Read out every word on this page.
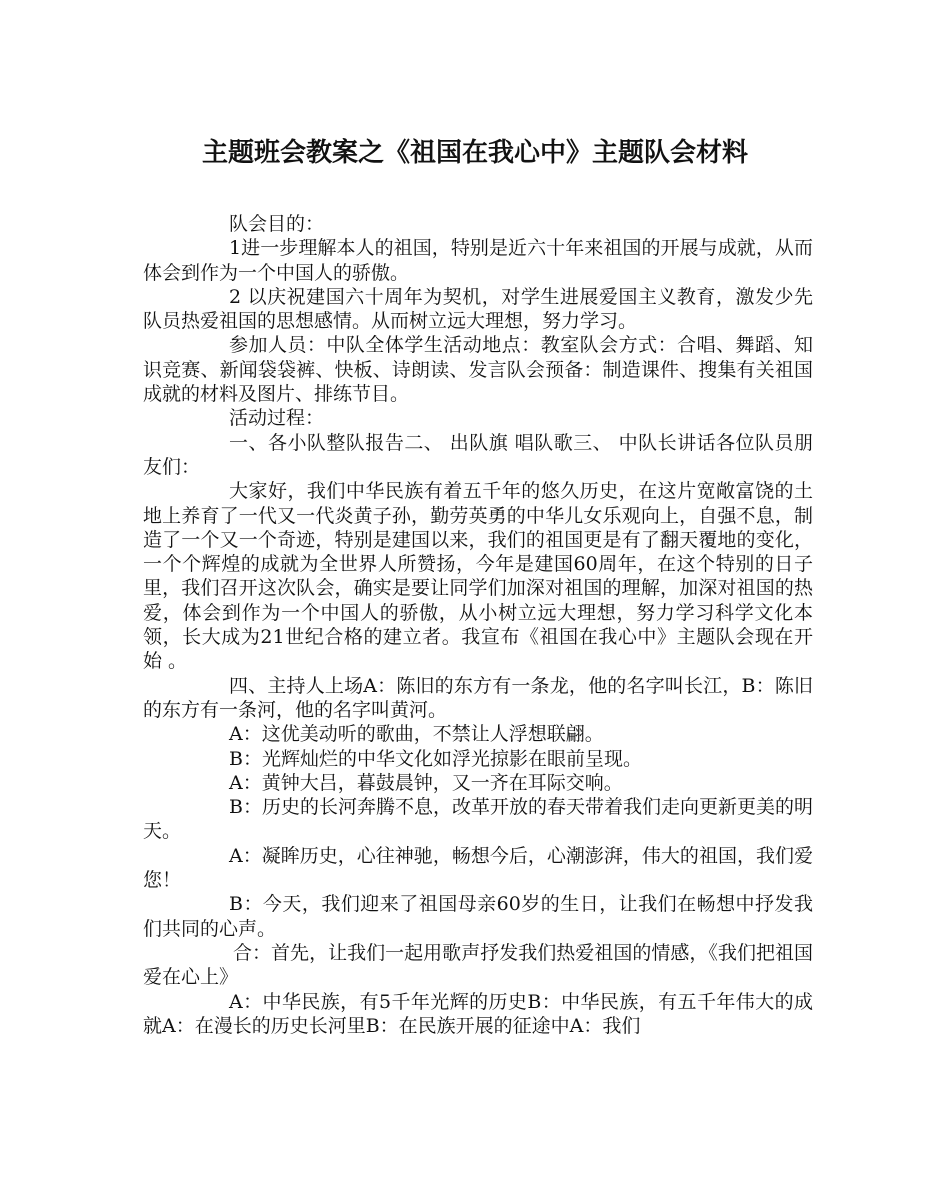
主题班会教案之《祖国在我心中》主题队会材料

队会目的：

1进一步理解本人的祖国，特别是近六十年来祖国的开展与成就，从而体会到作为一个中国人的骄傲。

2 以庆祝建国六十周年为契机，对学生进展爱国主义教育，激发少先队员热爱祖国的思想感情。从而树立远大理想，努力学习。

参加人员：中队全体学生活动地点：教室队会方式：合唱、舞蹈、知识竞赛、新闻袋袋裤、快板、诗朗读、发言队会预备：制造课件、搜集有关祖国成就的材料及图片、排练节目。

活动过程：

一、各小队整队报告二、 出队旗 唱队歌三、 中队长讲话各位队员朋友们：

大家好，我们中华民族有着五千年的悠久历史，在这片宽敞富饶的土地上养育了一代又一代炎黄子孙，勤劳英勇的中华儿女乐观向上，自强不息，制造了一个又一个奇迹，特别是建国以来，我们的祖国更是有了翻天覆地的变化，一个个辉煌的成就为全世界人所赞扬，今年是建国60周年，在这个特别的日子里，我们召开这次队会，确实是要让同学们加深对祖国的理解，加深对祖国的热爱，体会到作为一个中国人的骄傲，从小树立远大理想，努力学习科学文化本领，长大成为21世纪合格的建立者。我宣布《祖国在我心中》主题队会现在开始 。

四、主持人上场A：陈旧的东方有一条龙，他的名字叫长江，B：陈旧的东方有一条河，他的名字叫黄河。

A：这优美动听的歌曲，不禁让人浮想联翩。

B：光辉灿烂的中华文化如浮光掠影在眼前呈现。

A：黄钟大吕，暮鼓晨钟，又一齐在耳际交响。

B：历史的长河奔腾不息，改革开放的春天带着我们走向更新更美的明天。

A：凝眸历史，心往神驰，畅想今后，心潮澎湃，伟大的祖国，我们爱您！

B：今天，我们迎来了祖国母亲60岁的生日，让我们在畅想中抒发我们共同的心声。

合：首先，让我们一起用歌声抒发我们热爱祖国的情感，《我们把祖国爱在心上》

A：中华民族，有5千年光辉的历史B：中华民族，有五千年伟大的成就A：在漫长的历史长河里B：在民族开展的征途中A：我们
